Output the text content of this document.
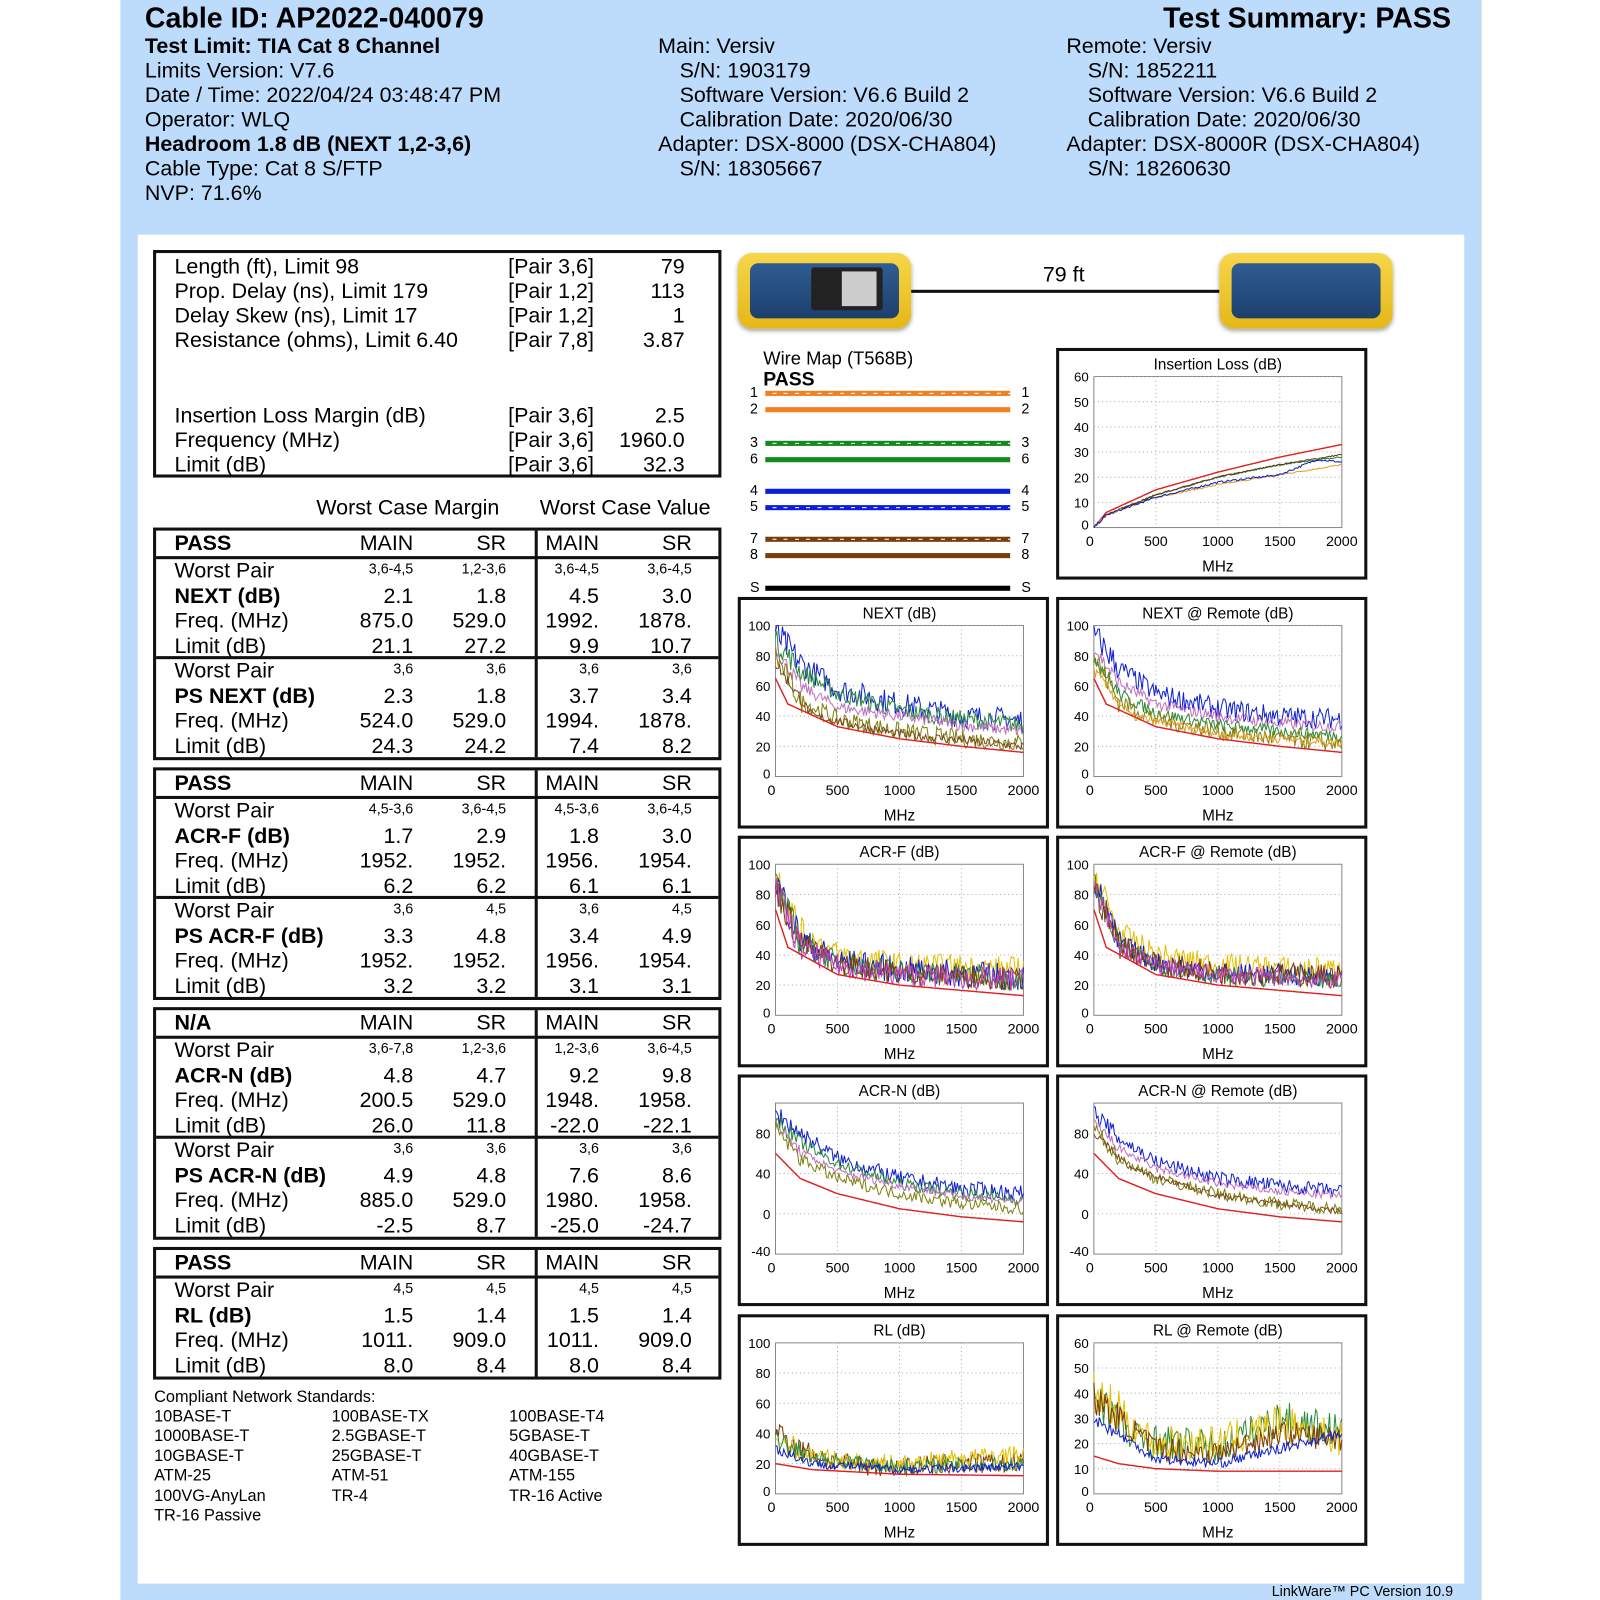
Cable ID: AP2022-040079	Test Summary: PASS
Test Limit: TIA Cat 8 Channel
Limits Version: V7.6
Date / Time: 2022/04/24 03:48:47 PM
Operator: WLQ
Headroom 1.8 dB (NEXT 1,2-3,6)
Cable Type: Cat 8 S/FTP
NVP: 71.6%
Main: Versiv
S/N: 1903179
Software Version: V6.6 Build 2
Calibration Date: 2020/06/30
Adapter: DSX-8000 (DSX-CHA804)
S/N: 18305667
Remote: Versiv
S/N: 1852211
Software Version: V6.6 Build 2
Calibration Date: 2020/06/30
Adapter: DSX-8000R (DSX-CHA804)
S/N: 18260630
Length (ft), Limit 98	[Pair 3,6]	79
Prop. Delay (ns), Limit 179	[Pair 1,2]	113
Delay Skew (ns), Limit 17	[Pair 1,2]	1
Resistance (ohms), Limit 6.40 [Pair 7,8] 3.87
Insertion Loss Margin (dB)	[Pair 3,6]	2.5
Frequency (MHz)	[Pair 3,6] 1960.0
Limit (dB)	[Pair 3,6] 32.3
Worst Case Margin Worst Case Value
PASS	MAIN	SR MAIN	SR
Worst Pair	3,6-4,5	1,2-3,6	3,6-4,5	3,6-4,5
NEXT (dB)	2.1	1.8	4.5	3.0
Freq. (MHz)	875.0 529.0 1992. 1878.
Limit (dB)	21.1 27.2	9.9 10.7
Worst Pair	3,6	3,6	3,6	3,6
PS NEXT (dB)	2.3	1.8	3.7	3.4
Freq. (MHz)	524.0 529.0 1994. 1878.
Limit (dB)	24.3 24.2	7.4	8.2
PASS	MAIN	SR MAIN	SR
Worst Pair	4,5-3,6	3,6-4,5	4,5-3,6	3,6-4,5
ACR-F (dB)	1.7	2.9	1.8	3.0
Freq. (MHz)	1952. 1952. 1956. 1954.
Limit (dB)	6.2	6.2	6.1	6.1
Worst Pair	3,6	4,5	3,6	4,5
PS ACR-F (dB)	3.3	4.8	3.4	4.9
Freq. (MHz)	1952. 1952. 1956. 1954.
Limit (dB)	3.2	3.2	3.1	3.1
N/A	MAIN	SR MAIN	SR
Worst Pair	3,6-7,8	1,2-3,6	1,2-3,6	3,6-4,5
ACR-N (dB)	4.8	4.7	9.2	9.8
Freq. (MHz)	200.5 529.0 1948. 1958.
Limit (dB)	26.0	11.8 -22.0 -22.1
Worst Pair	3,6	3,6	3,6	3,6
PS ACR-N (dB)	4.9	4.8	7.6	8.6
Freq. (MHz)	885.0 529.0 1980. 1958.
Limit (dB)	-2.5	8.7 -25.0 -24.7
PASS	MAIN	SR MAIN	SR
Worst Pair	4,5	4,5	4,5	4,5
RL (dB)	1.5	1.4	1.5	1.4
Freq. (MHz)	1011. 909.0 1011. 909.0
Limit (dB)	8.0	8.4	8.0	8.4
Compliant Network Standards:
10BASE-T	100BASE-TX	100BASE-T4
1000BASE-T	2.5GBASE-T	5GBASE-T
10GBASE-T	25GBASE-T	40GBASE-T
ATM-25	ATM-51	ATM-155
100VG-AnyLan	TR-4	TR-16 Active
TR-16 Passive
79 ft
Wire Map (T568B)
PASS
1	1
2	2
3	3
6	6
4	4
5	5
7	7
8	8
S	S
Insertion Loss (dB)
0	500 1000 1500 2000
0
10
20
30
40
50
60
MHz
NEXT (dB)
0	500 1000 1500 2000
0
20
40
60
80
100
MHz
NEXT @ Remote (dB)
0	500 1000 1500 2000
0
20
40
60
80
100
MHz
ACR-F (dB)
0	500 1000 1500 2000
0
20
40
60
80
100
MHz
ACR-F @ Remote (dB)
0	500 1000 1500 2000
0
20
40
60
80
100
MHz
ACR-N (dB)
0	500 1000 1500 2000
-40
0
40
80
MHz
ACR-N @ Remote (dB)
0	500 1000 1500 2000
-40
0
40
80
MHz
RL (dB)
0	500 1000 1500 2000
0
20
40
60
80
100
MHz
RL @ Remote (dB)
0	500 1000 1500 2000
0
10
20
30
40
50
60
MHz
LinkWare™ PC Version 10.9
